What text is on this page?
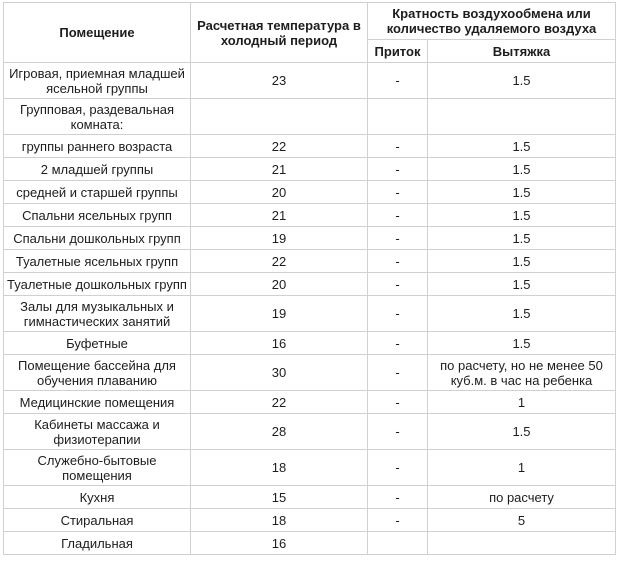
Помещение	Расчетная температура в холодный период	Кратность воздухообмена или количество удаляемого воздуха	
		Приток	Вытяжка
Игровая, приемная младшей ясельной группы	23	-	1.5
Групповая, раздевальная комната:			
группы раннего возраста	22	-	1.5
2 младшей группы	21	-	1.5
средней и старшей группы	20	-	1.5
Спальни ясельных групп	21	-	1.5
Спальни дошкольных групп	19	-	1.5
Туалетные ясельных групп	22	-	1.5
Туалетные дошкольных групп	20	-	1.5
Залы для музыкальных и гимнастических занятий	19	-	1.5
Буфетные	16	-	1.5
Помещение бассейна для обучения плаванию	30	-	по расчету, но не менее 50 куб.м. в час на ребенка
Медицинские помещения	22	-	1
Кабинеты массажа и физиотерапии	28	-	1.5
Служебно-бытовые помещения	18	-	1
Кухня	15	-	по расчету
Стиральная	18	-	5
Гладильная	16		
